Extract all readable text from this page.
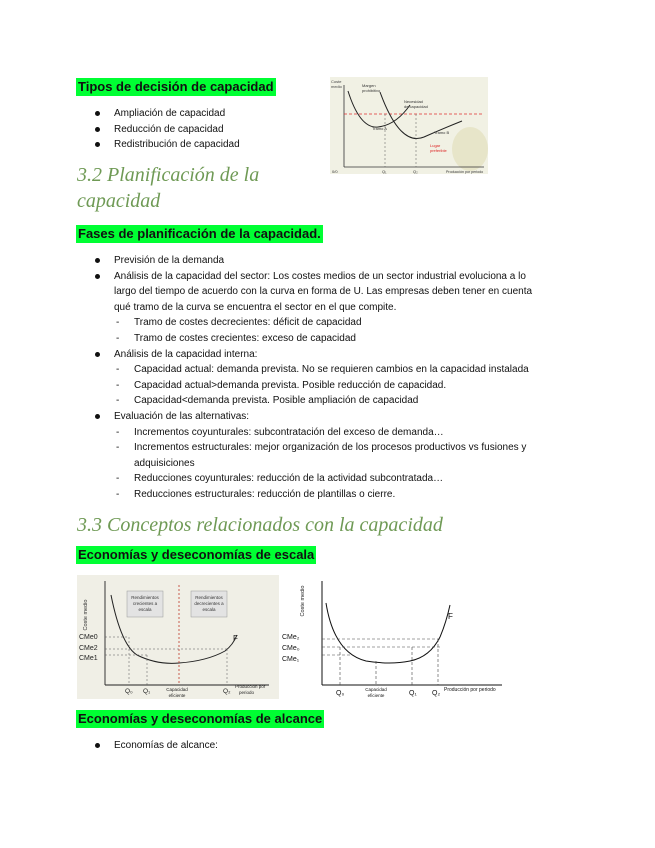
Tipos de decisión de capacidad
Ampliación de capacidad
Reducción de capacidad
Redistribución de capacidad
Coste
medio	Margen
prohibitivo
Necesidad
de capacidad
Tramo A
Tramo B
Lugar
preferible
0/0	Q₁	Q₂	Producción por periodo
3.2 Planificación de la
capacidad
Fases de planificación de la capacidad.
Previsión de la demanda
Análisis de la capacidad del sector: Los costes medios de un sector industrial evoluciona a lo
largo del tiempo de acuerdo con la curva en forma de U. Las empresas deben tener en cuenta
qué tramo de la curva se encuentra el sector en el que compite.
- Tramo de costes decrecientes: déficit de capacidad
- Tramo de costes crecientes: exceso de capacidad
Análisis de la capacidad interna:
- Capacidad actual: demanda prevista. No se requieren cambios en la capacidad instalada
- Capacidad actual>demanda prevista. Posible reducción de capacidad.
- Capacidad<demanda prevista. Posible ampliación de capacidad
Evaluación de las alternativas:
- Incrementos coyunturales: subcontratación del exceso de demanda…
- Incrementos estructurales: mejor organización de los procesos productivos vs fusiones y
adquisiciones
- Reducciones coyunturales: reducción de la actividad subcontratada…
- Reducciones estructurales: reducción de plantillas o cierre.
3.3 Conceptos relacionados con la capacidad
Economías y deseconomías de escala
Rendimientos
crecientes a
escala
Rendimientos
decrecientes a
escala
Coste medio
CMe0
CMe2
CMe1
F
Q₀ Q₁	Capacidad
eficiente
Q₂
Producción por
periodo
Coste medio
CMe₂
CMe₀
CMe₁
F
Q₀
Capacidad
eficiente	Q₁ Q₂ Producción por periodo
Economías y deseconomías de alcance
Economías de alcance:
